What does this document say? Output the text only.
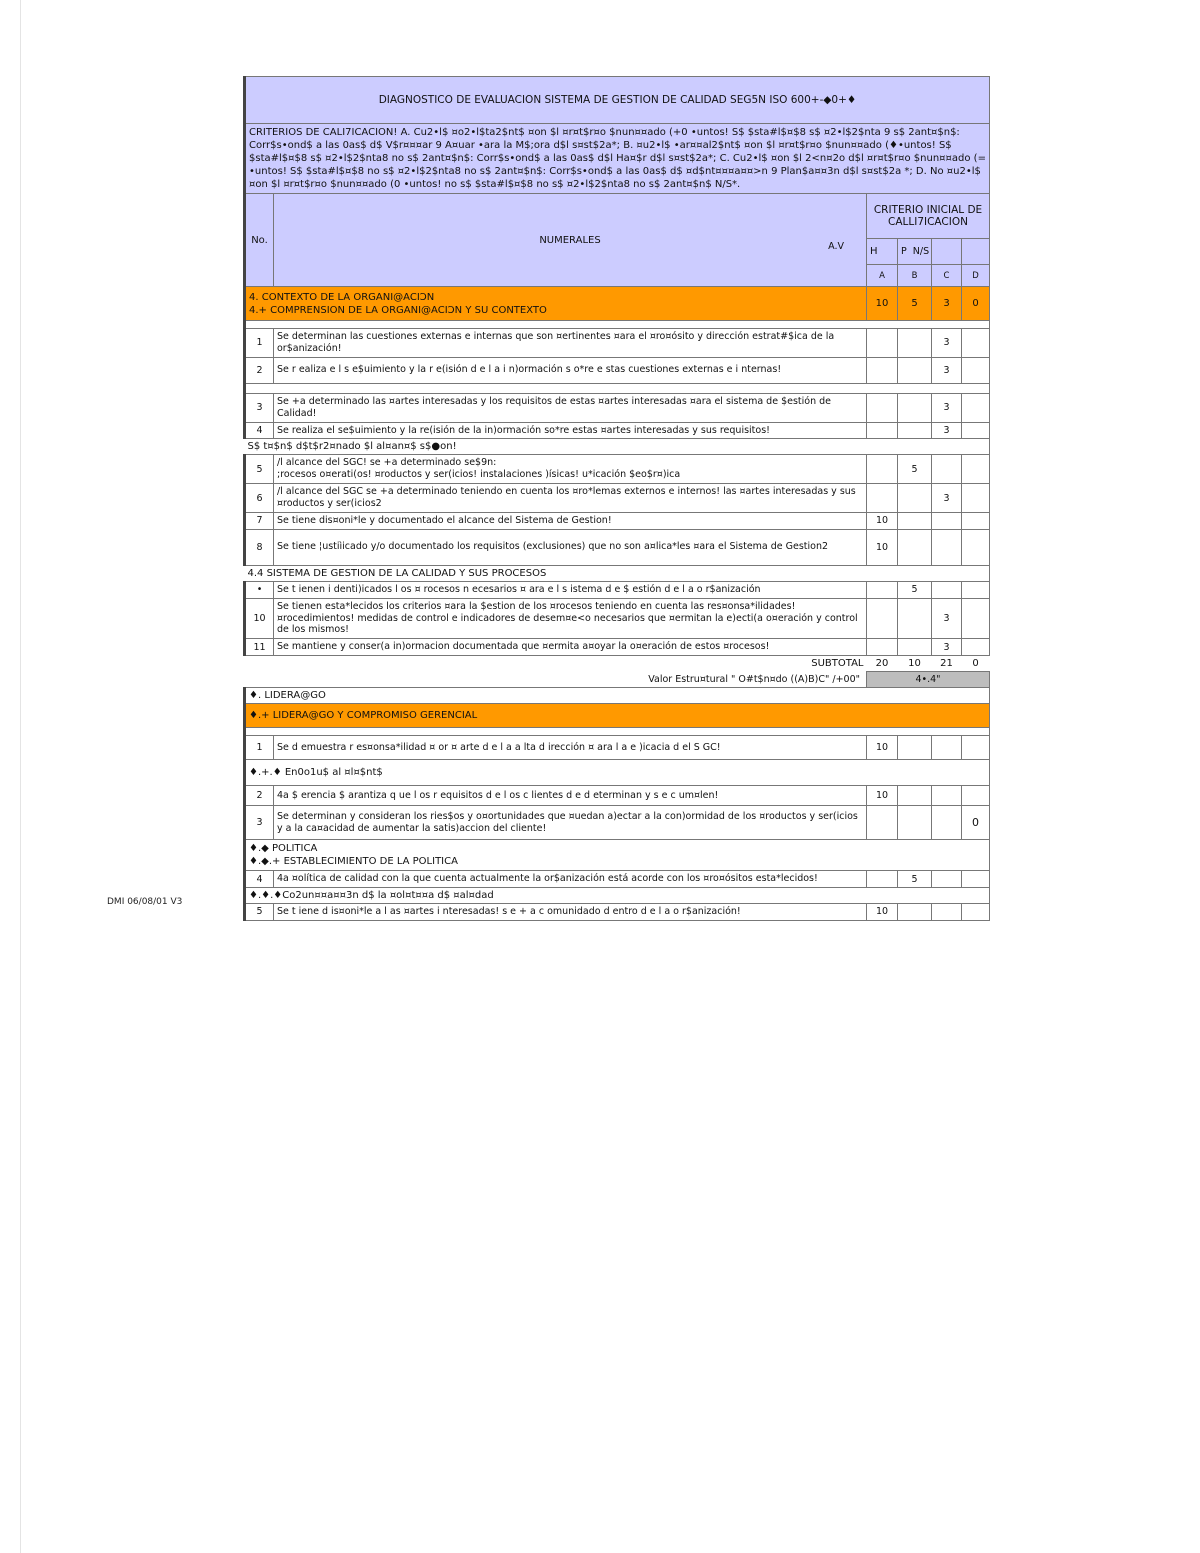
DIAGNOSTICO DE EVALUACION SISTEMA DE GESTION DE CALIDAD SEG5N ISO 600+-◆0+♦					
CRITERIOS DE CALI7ICACION! A. Cu2•l$ ¤o2•l$ta2$nt$ ¤on $l ¤r¤t$r¤o $nun¤¤ado (+0 •untos! S$ $sta#l$¤$8 s$ ¤2•l$2$nta 9 s$ 2ant¤$n$: Corr$s•ond$ a las 0as$ d$ V$r¤¤¤ar 9 A¤uar •ara la M$;ora d$l s¤st$2a*; B. ¤u2•l$ •ar¤¤al2$nt$ ¤on $l ¤r¤t$r¤o $nun¤¤ado (♦•untos! S$ $sta#l$¤$8 s$ ¤2•l$2$nta8 no s$ 2ant¤$n$: Corr$s•ond$ a las 0as$ d$l Ha¤$r d$l s¤st$2a*; C. Cu2•l$ ¤on $l 2<n¤2o d$l ¤r¤t$r¤o $nun¤¤ado (= •untos! S$ $sta#l$¤$8 no s$ ¤2•l$2$nta8 no s$ 2ant¤$n$: Corr$s•ond$ a las 0as$ d$ ¤d$nt¤¤¤a¤¤>n 9 Plan$a¤¤3n d$l s¤st$2a *; D. No ¤u2•l$ ¤on $l ¤r¤t$r¤o $nun¤¤ado (0 •untos! no s$ $sta#l$¤$8 no s$ ¤2•l$2$nta8 no s$ 2ant¤$n$ N/S*.					
No.	NUMERALES
A.V	CRITERIO INICIAL DE CALLI7ICACION			
		H	P N/S		
		A	B	C	D

4. CONTEXTO DE LA ORGANI@ACIƆN
4.+ COMPRENSION DE LA ORGANI@ACIƆN Y SU CONTEXTO		10	5	3	0

1	Se determinan las cuestiones externas e internas que son ¤ertinentes ¤ara el ¤ro¤ósito y dirección estrat#$ica de la or$anización!			3	
2	Se r ealiza e l s e$uimiento y la r e(isión d e l a i n)ormación s o*re e stas cuestiones externas e i nternas!			3	

3	Se +a determinado las ¤artes interesadas y los requisitos de estas ¤artes interesadas ¤ara el sistema de $estión de Calidad!			3	
4	Se realiza el se$uimiento y la re(isión de la in)ormación so*re estas ¤artes interesadas y sus requisitos!			3	
S$ t¤$n$ d$t$r2¤nado $l al¤an¤$ s$●on!					
5	/l alcance del SGC! se +a determinado se$9n:
;rocesos o¤erati(os! ¤roductos y ser(icios! instalaciones )ísicas! u*icación $eo$r¤)ica		5		
6	/l alcance del SGC se +a determinado teniendo en cuenta los ¤ro*lemas externos e internos! las ¤artes interesadas y sus ¤roductos y ser(icios2			3	
7	Se tiene dis¤oni*le y documentado el alcance del Sistema de Gestion!	10			
8	Se tiene ¦ustiìicado y/o documentado los requisitos (exclusiones) que no son a¤lica*les ¤ara el Sistema de Gestion2	10			
4.4 SISTEMA DE GESTION DE LA CALIDAD Y SUS PROCESOS					
•	Se t ienen i denti)icados l os ¤ rocesos n ecesarios ¤ ara e l s istema d e $ estión d e l a o r$anización		5		
10	Se tienen esta*lecidos los criterios ¤ara la $estion de los ¤rocesos teniendo en cuenta las res¤onsa*ilidades! ¤rocedimientos! medidas de control e indicadores de desem¤e<o necesarios que ¤ermitan la e)ecti(a o¤eración y control de los mismos!			3	
11	Se mantiene y conser(a in)ormacion documentada que ¤ermita a¤oyar la o¤eración de estos ¤rocesos!			3	
SUBTOTAL		20	10	21	0
Valor Estru¤tural " O#t$n¤do ((A)B)C" /+00"		4•.4"			
♦. LIDERA@GO					
♦.+ LIDERA@GO Y COMPROMISO GERENCIAL					

1	Se d emuestra r es¤onsa*ilidad ¤ or ¤ arte d e l a a lta d irección ¤ ara l a e )icacia d el S GC!	10			
♦.+.♦ En0o1u$ al ¤l¤$nt$					
2	4a $ erencia $ arantiza q ue l os r equisitos d e l os c lientes d e d eterminan y s e c um¤len!	10			
3	Se determinan y consideran los ries$os y o¤ortunidades que ¤uedan a)ectar a la con)ormidad de los ¤roductos y ser(icios y a la ca¤acidad de aumentar la satis)accion del cliente!				0

♦.◆ POLITICA
♦.◆.+ ESTABLECIMIENTO DE LA POLITICA					

4	4a ¤olítica de calidad con la que cuenta actualmente la or$anización está acorde con los ¤ro¤ósitos esta*lecidos!		5		
♦.♦.♦Co2un¤¤a¤¤3n d$ la ¤ol¤t¤¤a d$ ¤al¤dad					
5	Se t iene d is¤oni*le a l as ¤artes i nteresadas! s e + a c omunidado d entro d e l a o r$anización!	10			
DMI 06/08/01 V3
